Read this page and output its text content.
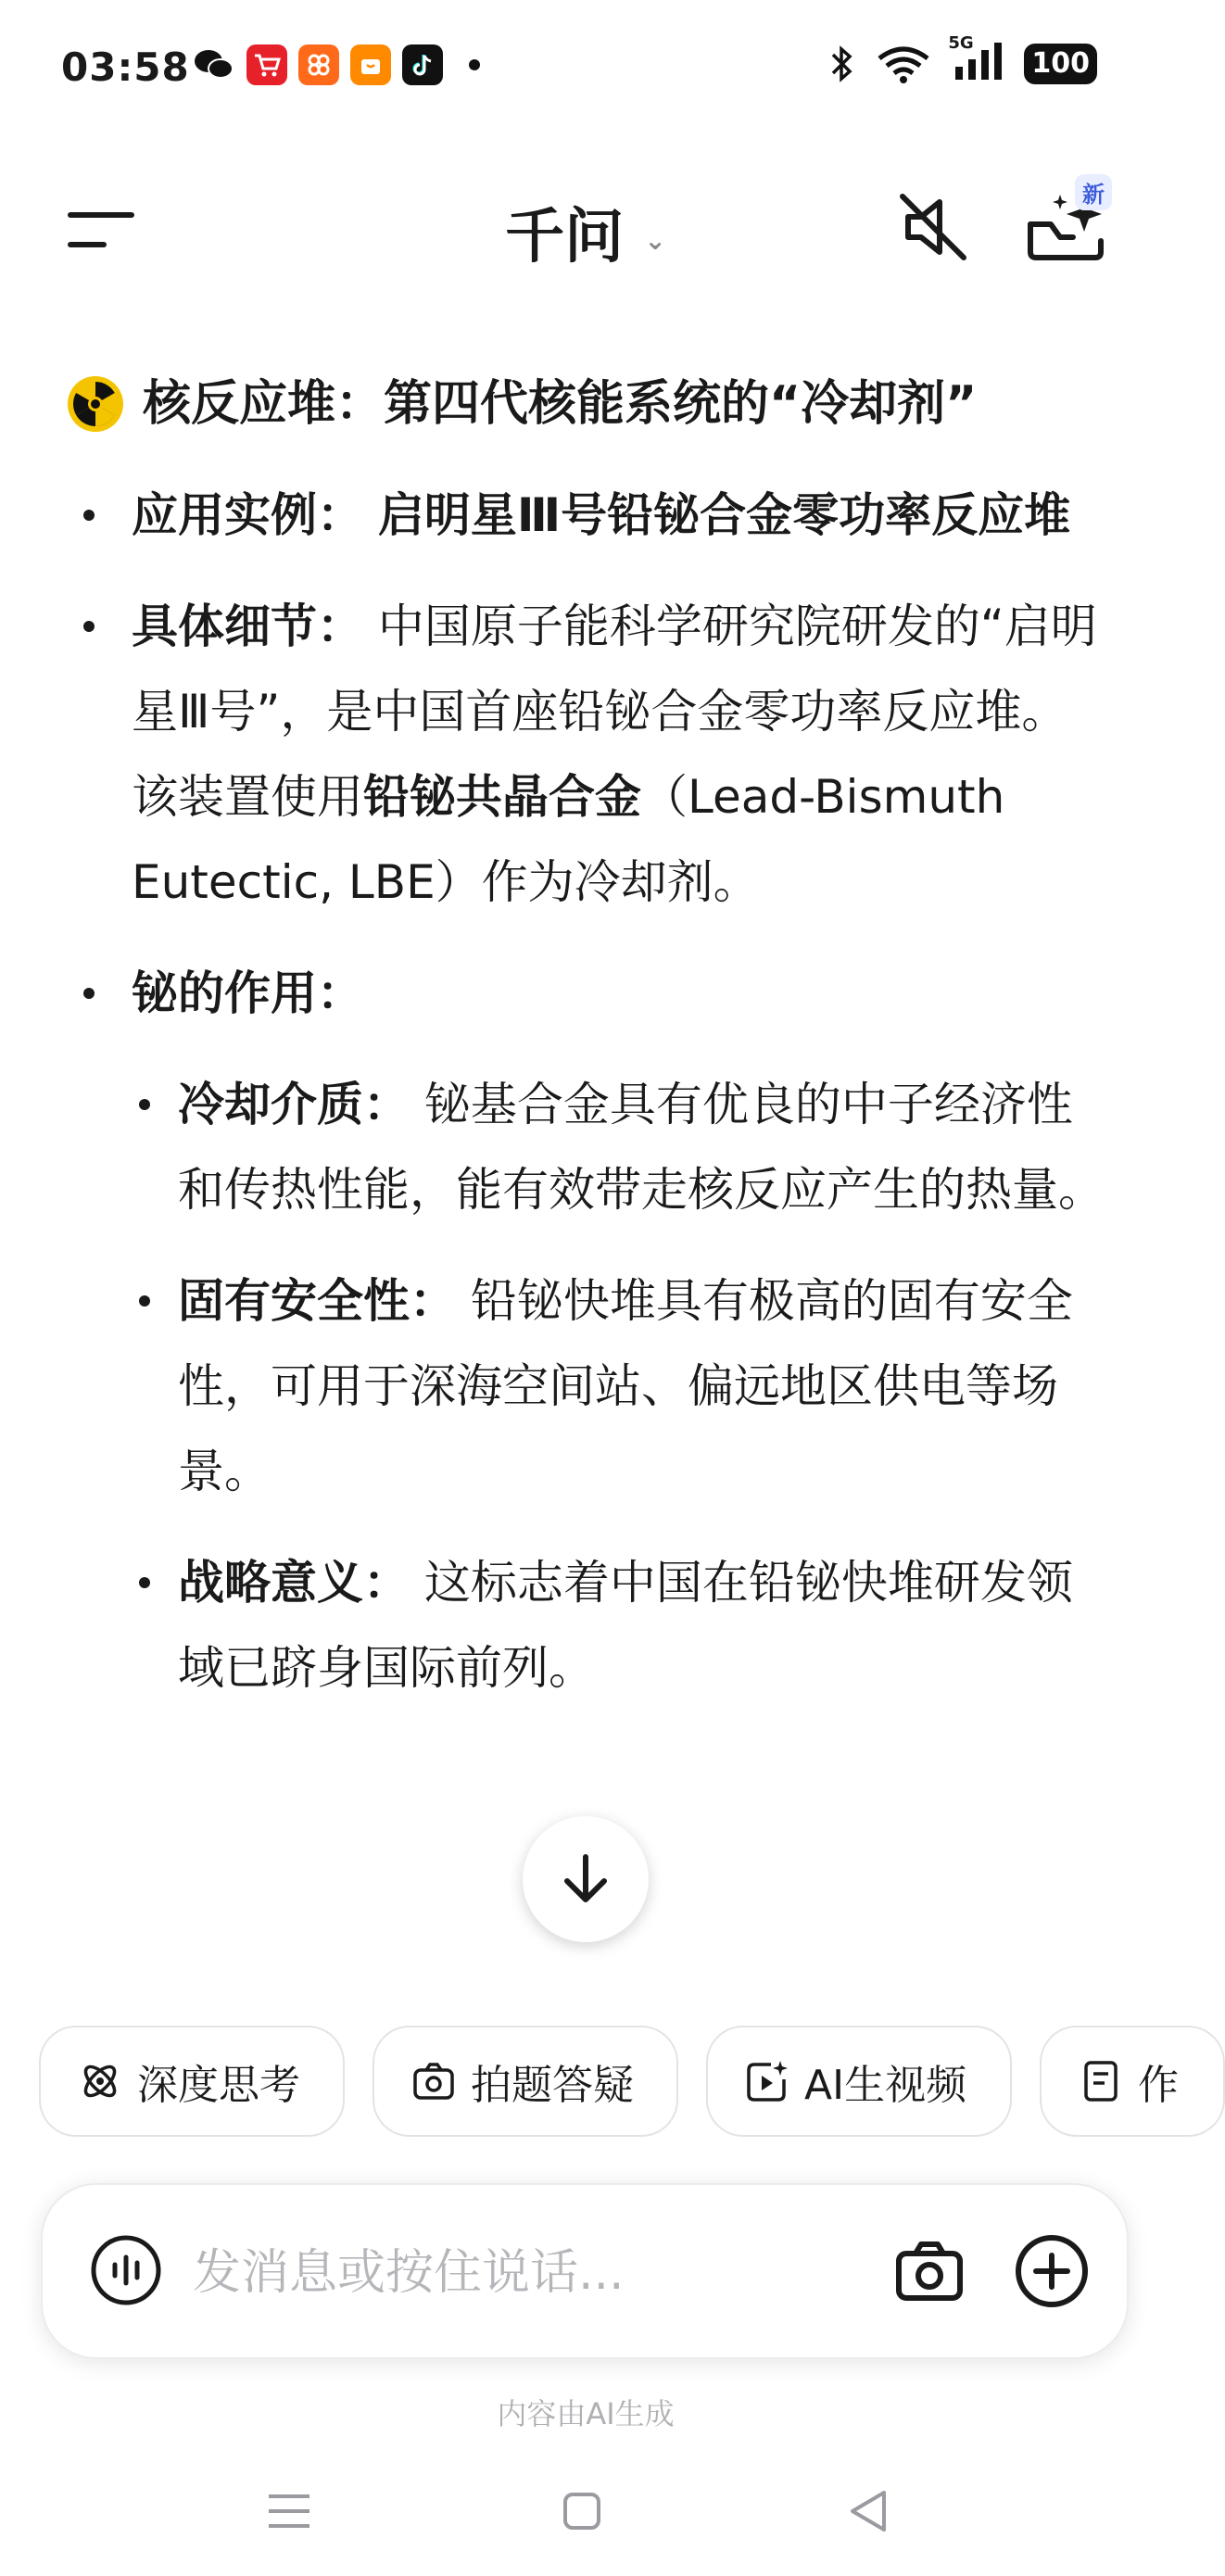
03:58
5G
100
千问 ⌄
新
核反应堆：第四代核能系统的“冷却剂”
应用实例： 启明星Ⅲ号铅铋合金零功率反应堆
具体细节： 中国原子能科学研究院研发的“启明星Ⅲ号”，是中国首座铅铋合金零功率反应堆。该装置使用铅铋共晶合金（Lead-Bismuth Eutectic, LBE）作为冷却剂。
铋的作用：
冷却介质： 铋基合金具有优良的中子经济性和传热性能，能有效带走核反应产生的热量。
固有安全性： 铅铋快堆具有极高的固有安全性，可用于深海空间站、偏远地区供电等场景。
战略意义： 这标志着中国在铅铋快堆研发领域已跻身国际前列。
深度思考	拍题答疑	AI生视频	作
发消息或按住说话...
内容由AI生成
